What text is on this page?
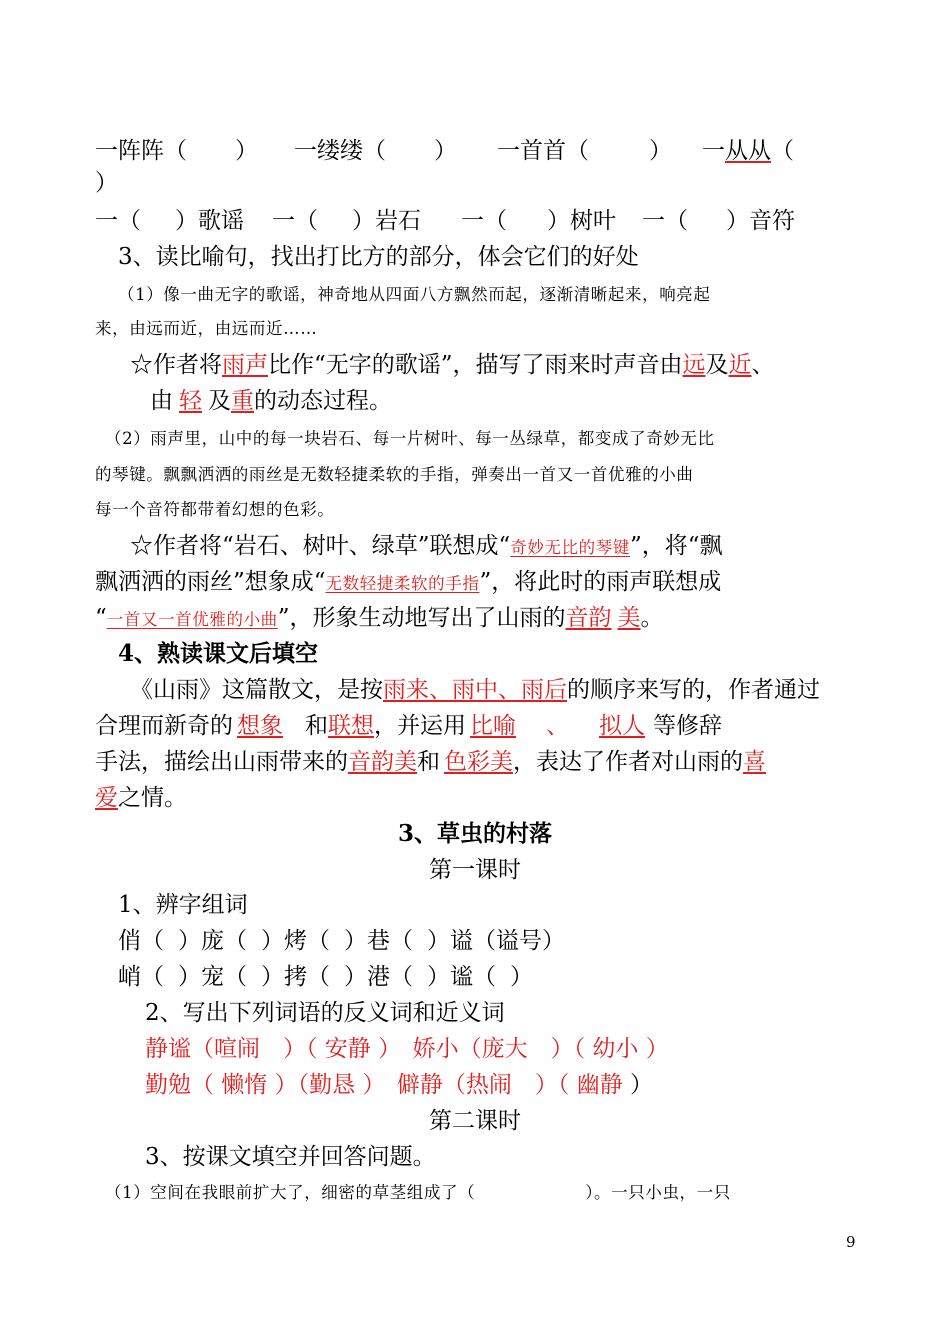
一阵阵（ ） 一缕缕（ ） 一首首（	） 一从从（
）
一（ ）歌谣 一（ ）岩石 一（ ）树叶 一（ ）音符
3、读比喻句，找出打比方的部分，体会它们的好处
（1）像一曲无字的歌谣，神奇地从四面八方飘然而起，逐渐清晰起来，响亮起
来，由远而近，由远而近……
☆作者将雨声比作“无字的歌谣”，描写了雨来时声音由远及近、
由 轻 及重的动态过程。
（2）雨声里，山中的每一块岩石、每一片树叶、每一丛绿草，都变成了奇妙无比
的琴键。飘飘洒洒的雨丝是无数轻捷柔软的手指，弹奏出一首又一首优雅的小曲
每一个音符都带着幻想的色彩。
☆作者将“岩石、树叶、绿草”联想成“奇妙无比的琴键”，将“飘
飘洒洒的雨丝”想象成“无数轻捷柔软的手指”，将此时的雨声联想成
“一首又一首优雅的小曲”，形象生动地写出了山雨的音韵 美。
4、熟读课文后填空
《山雨》这篇散文，是按雨来、雨中、雨后的顺序来写的，作者通过
合理而新奇的 想象 和联想，并运用 比喻 、 拟人 等修辞
手法，描绘出山雨带来的音韵美和 色彩美，表达了作者对山雨的喜
爱之情。
3、草虫的村落
第一课时
1、辨字组词
俏（ ）庞（ ）烤（ ）巷（ ）谥（谥号）
峭（ ）宠（ ）拷（ ）港（ ）谧（ ）
2、写出下列词语的反义词和近义词
静谧（喧闹　）（ 安静 ）　娇小（庞大　）（ 幼小 ）
勤勉（ 懒惰 ）（勤恳 ）　僻静（热闹　）（ 幽静 ）
第二课时
3、按课文填空并回答问题。
（1）空间在我眼前扩大了，细密的草茎组成了（	）。一只小虫，一只
9
